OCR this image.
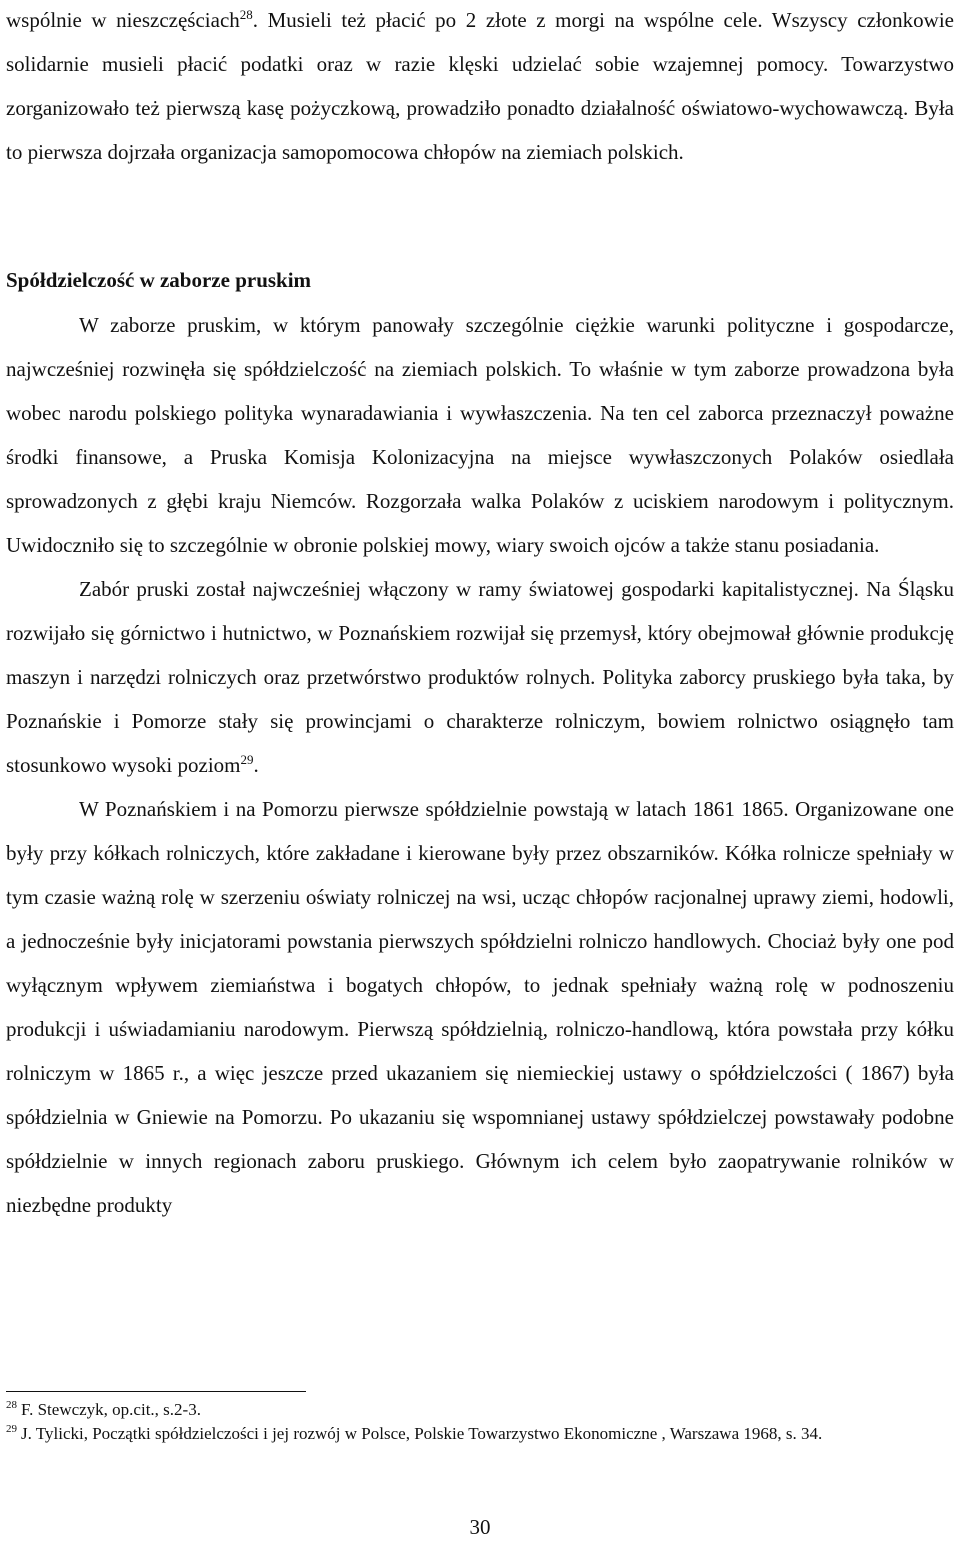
wspólnie w nieszczęściach$^{28}$. Musieli też płacić po 2 złote z morgi na wspólne cele. Wszyscy członkowie solidarnie musieli płacić podatki oraz w razie klęski udzielać sobie wzajemnej pomocy. Towarzystwo zorganizowało też pierwszą kasę pożyczkową, prowadziło ponadto działalność oświatowo-wychowawczą. Była to pierwsza dojrzała organizacja samopomocowa chłopów na ziemiach polskich.

Spółdzielczość w zaborze pruskim

W zaborze pruskim, w którym panowały szczególnie ciężkie warunki polityczne i gospodarcze, najwcześniej rozwinęła się spółdzielczość na ziemiach polskich. To właśnie w tym zaborze prowadzona była wobec narodu polskiego polityka wynaradawiania i wywłaszczenia. Na ten cel zaborca przeznaczył poważne środki finansowe, a Pruska Komisja Kolonizacyjna na miejsce wywłaszczonych Polaków osiedlała sprowadzonych z głębi kraju Niemców. Rozgorzała walka Polaków z uciskiem narodowym i politycznym. Uwidoczniło się to szczególnie w obronie polskiej mowy, wiary swoich ojców a także stanu posiadania.

Zabór pruski został najwcześniej włączony w ramy światowej gospodarki kapitalistycznej. Na Śląsku rozwijało się górnictwo i hutnictwo, w Poznańskiem rozwijał się przemysł, który obejmował głównie produkcję maszyn i narzędzi rolniczych oraz przetwórstwo produktów rolnych. Polityka zaborcy pruskiego była taka, by Poznańskie i Pomorze stały się prowincjami o charakterze rolniczym, bowiem rolnictwo osiągnęło tam stosunkowo wysoki poziom$^{29}$.

W Poznańskiem i na Pomorzu pierwsze spółdzielnie powstają w latach 1861 1865. Organizowane one były przy kółkach rolniczych, które zakładane i kierowane były przez obszarników. Kółka rolnicze spełniały w tym czasie ważną rolę w szerzeniu oświaty rolniczej na wsi, ucząc chłopów racjonalnej uprawy ziemi, hodowli, a jednocześnie były inicjatorami powstania pierwszych spółdzielni rolniczo handlowych. Chociaż były one pod wyłącznym wpływem ziemiaństwa i bogatych chłopów, to jednak spełniały ważną rolę w podnoszeniu produkcji i uświadamianiu narodowym. Pierwszą spółdzielnią, rolniczo-handlową, która powstała przy kółku rolniczym w 1865 r., a więc jeszcze przed ukazaniem się niemieckiej ustawy o spółdzielczości ( 1867) była spółdzielnia w Gniewie na Pomorzu. Po ukazaniu się wspomnianej ustawy spółdzielczej powstawały podobne spółdzielnie w innych regionach zaboru pruskiego. Głównym ich celem było zaopatrywanie rolników w niezbędne produkty

$^{28}$ F. Stewczyk, op.cit., s.2-3.
$^{29}$ J. Tylicki, Początki spółdzielczości i jej rozwój w Polsce, Polskie Towarzystwo Ekonomiczne , Warszawa 1968, s. 34.
30
